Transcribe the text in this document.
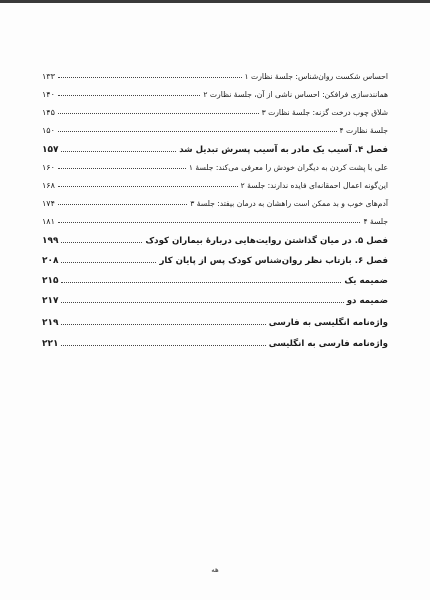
احساس شکست روان‌شناس: جلسهٔ نظارت ۱
۱۳۳
همانندسازی فرافکن: احساس ناشی از آن، جلسهٔ نظارت ۲
۱۴۰
شلاق چوب درخت گزنه: جلسهٔ نظارت ۳
۱۴۵
جلسهٔ نظارت ۴
۱۵۰
فصل ۴. آسیب یک مادر به آسیب پسرش تبدیل شد
۱۵۷
علی با پشت کردن به دیگران خودش را معرفی می‌کند: جلسهٔ ۱
۱۶۰
این‌گونه اعمال احمقانه‌ای فایده ندارند: جلسهٔ ۲
۱۶۸
آدم‌های خوب و بد ممکن است راهشان به درمان بیفتد: جلسهٔ ۳
۱۷۴
جلسهٔ ۴
۱۸۱
فصل ۵. در میان گذاشتن روایت‌هایی دربارهٔ بیماران کودک
۱۹۹
فصل ۶. بازتاب نظر روان‌شناس کودک پس از پایان کار
۲۰۸
ضمیمه یک
۲۱۵
ضمیمه دو
۲۱۷
واژه‌نامه انگلیسی به فارسی
۲۱۹
واژه‌نامه فارسی به انگلیسی
۲۲۱
ه‍ه
